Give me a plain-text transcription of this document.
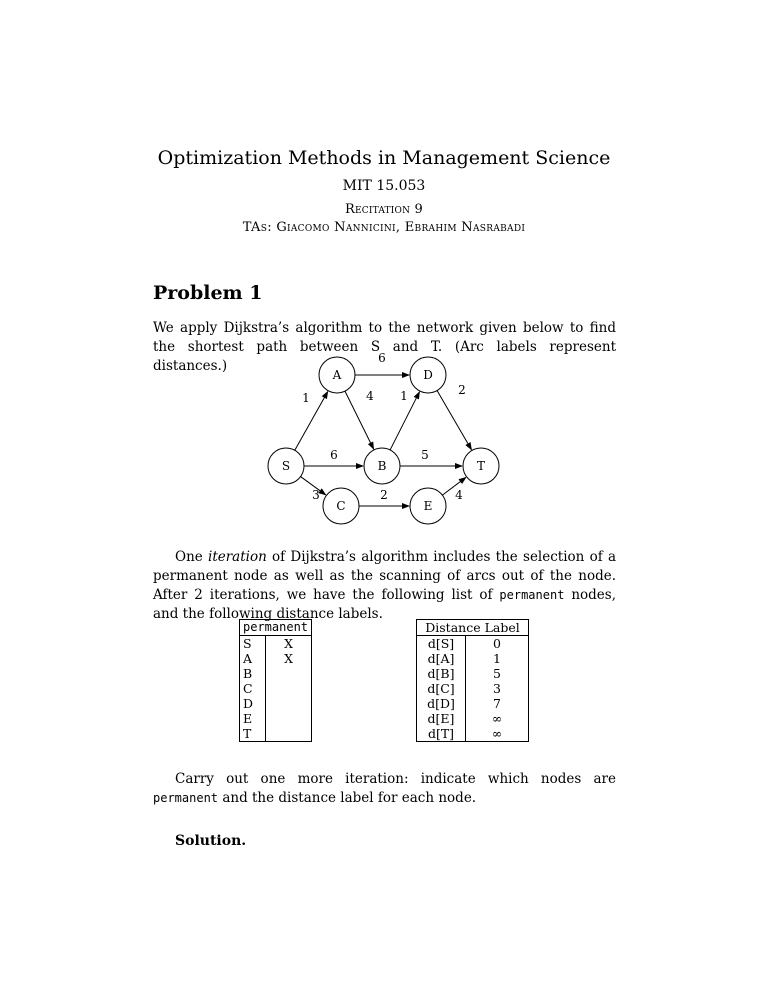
Optimization Methods in Management Science
MIT 15.053
Recitation 9
TAs: Giacomo Nannicini, Ebrahim Nasrabadi
Problem 1
We apply Dijkstra’s algorithm to the network given below to find the shortest path between S and T. (Arc labels represent distances.)
1
6
4
6
1	2
5
3	2	4
S
A
B
C
D
E
T
One iteration of Dijkstra’s algorithm includes the selection of a permanent node as well as the scanning of arcs out of the node. After 2 iterations, we have the following list of permanent nodes, and the following distance labels.
permanent	
S	X
A	X
B	
C	
D	
E	
T	
Distance Label	
d[S]	0
d[A]	1
d[B]	5
d[C]	3
d[D]	7
d[E]	∞
d[T]	∞
Carry out one more iteration: indicate which nodes are permanent and the distance label for each node.
Solution.
